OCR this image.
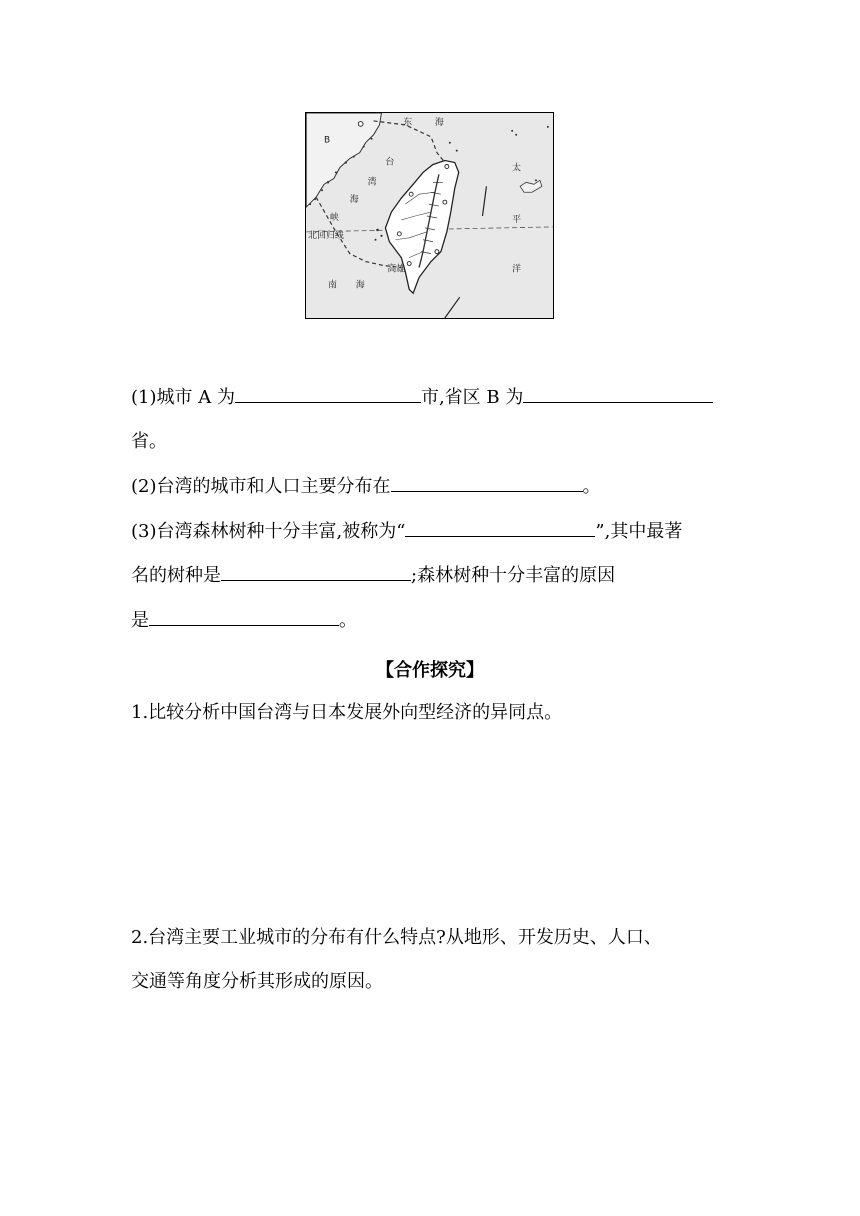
B
东	海
台
湾
海
峡
太
平
洋
南 海
北回归线
高雄
(1)城市 A 为	市,省区 B 为
省。
(2)台湾的城市和人口主要分布在	。
(3)台湾森林树种十分丰富,被称为“	”,其中最著
名的树种是	;森林树种十分丰富的原因
是	。
【合作探究】
1.比较分析中国台湾与日本发展外向型经济的异同点。
2.台湾主要工业城市的分布有什么特点?从地形、开发历史、人口、
交通等角度分析其形成的原因。
